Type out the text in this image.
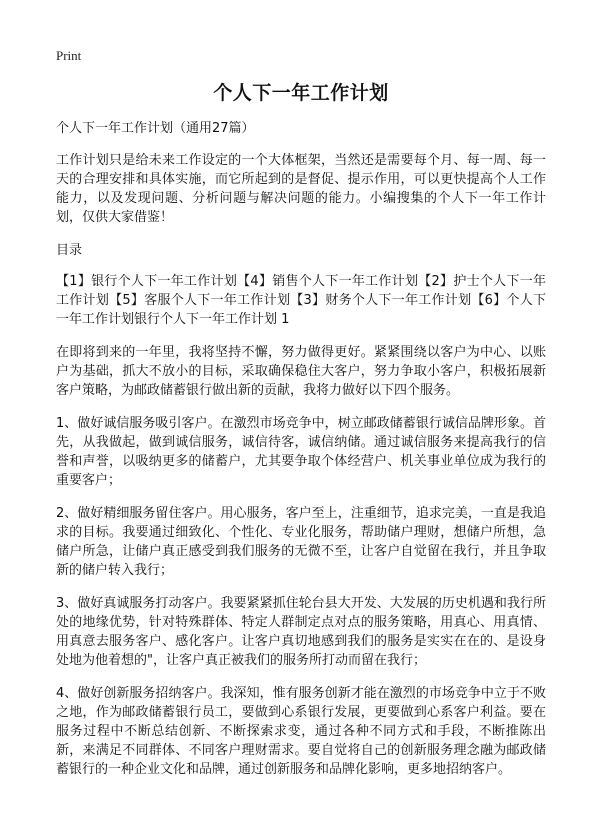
Print
个人下一年工作计划

个人下一年工作计划（通用27篇）

工作计划只是给未来工作设定的一个大体框架，当然还是需要每个月、每一周、每一天的合理安排和具体实施，而它所起到的是督促、提示作用，可以更快提高个人工作能力，以及发现问题、分析问题与解决问题的能力。小编搜集的个人下一年工作计划，仅供大家借鉴！

目录

【1】银行个人下一年工作计划【4】销售个人下一年工作计划【2】护士个人下一年工作计划【5】客服个人下一年工作计划【3】财务个人下一年工作计划【6】个人下一年工作计划银行个人下一年工作计划 1

在即将到来的一年里，我将坚持不懈，努力做得更好。紧紧围绕以客户为中心、以账户为基础，抓大不放小的目标，采取确保稳住大客户，努力争取小客户，积极拓展新客户策略，为邮政储蓄银行做出新的贡献，我将力做好以下四个服务。

1、做好诚信服务吸引客户。在激烈市场竞争中，树立邮政储蓄银行诚信品牌形象。首先，从我做起，做到诚信服务，诚信待客，诚信纳储。通过诚信服务来提高我行的信誉和声誉，以吸纳更多的储蓄户，尤其要争取个体经营户、机关事业单位成为我行的重要客户；

2、做好精细服务留住客户。用心服务，客户至上，注重细节，追求完美，一直是我追求的目标。我要通过细致化、个性化、专业化服务，帮助储户理财，想储户所想，急储户所急，让储户真正感受到我们服务的无微不至，让客户自觉留在我行，并且争取新的储户转入我行；

3、做好真诚服务打动客户。我要紧紧抓住轮台县大开发、大发展的历史机遇和我行所处的地缘优势，针对特殊群体、特定人群制定点对点的服务策略，用真心、用真情、用真意去服务客户、感化客户。让客户真切地感到我们的服务是实实在在的、是设身处地为他着想的"，让客户真正被我们的服务所打动而留在我行；

4、做好创新服务招纳客户。我深知，惟有服务创新才能在激烈的市场竞争中立于不败之地，作为邮政储蓄银行员工，要做到心系银行发展，更要做到心系客户利益。要在服务过程中不断总结创新、不断探索求变，通过各种不同方式和手段，不断推陈出新，来满足不同群体、不同客户理财需求。要自觉将自己的创新服务理念融为邮政储蓄银行的一种企业文化和品牌，通过创新服务和品牌化影响，更多地招纳客户。
